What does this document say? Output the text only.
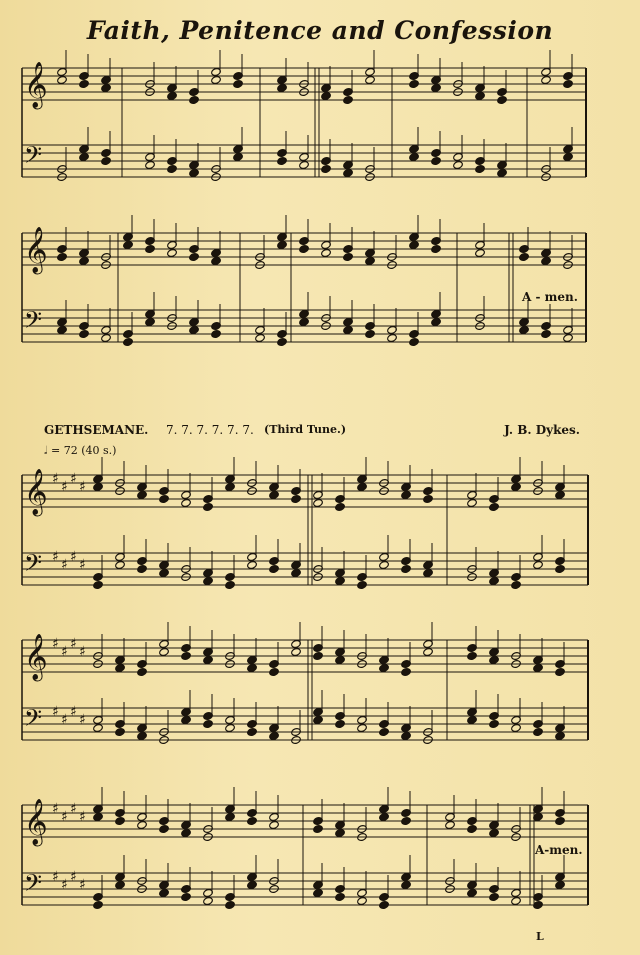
Faith, Penitence and Confession
𝄞
𝄢
𝄞
𝄢
𝄞 ♯ ♯ ♯ ♯
𝄢 ♯ ♯ ♯ ♯
𝄞 ♯ ♯ ♯ ♯
𝄢 ♯ ♯ ♯ ♯
𝄞 ♯ ♯ ♯ ♯
𝄢 ♯ ♯ ♯ ♯
GETHSEMANE. 7. 7. 7. 7. 7. 7. (Third Tune.)	J. B. Dykes.
𝅗𝅥 = 72 (40 s.)
A - men.
A-men.
L
